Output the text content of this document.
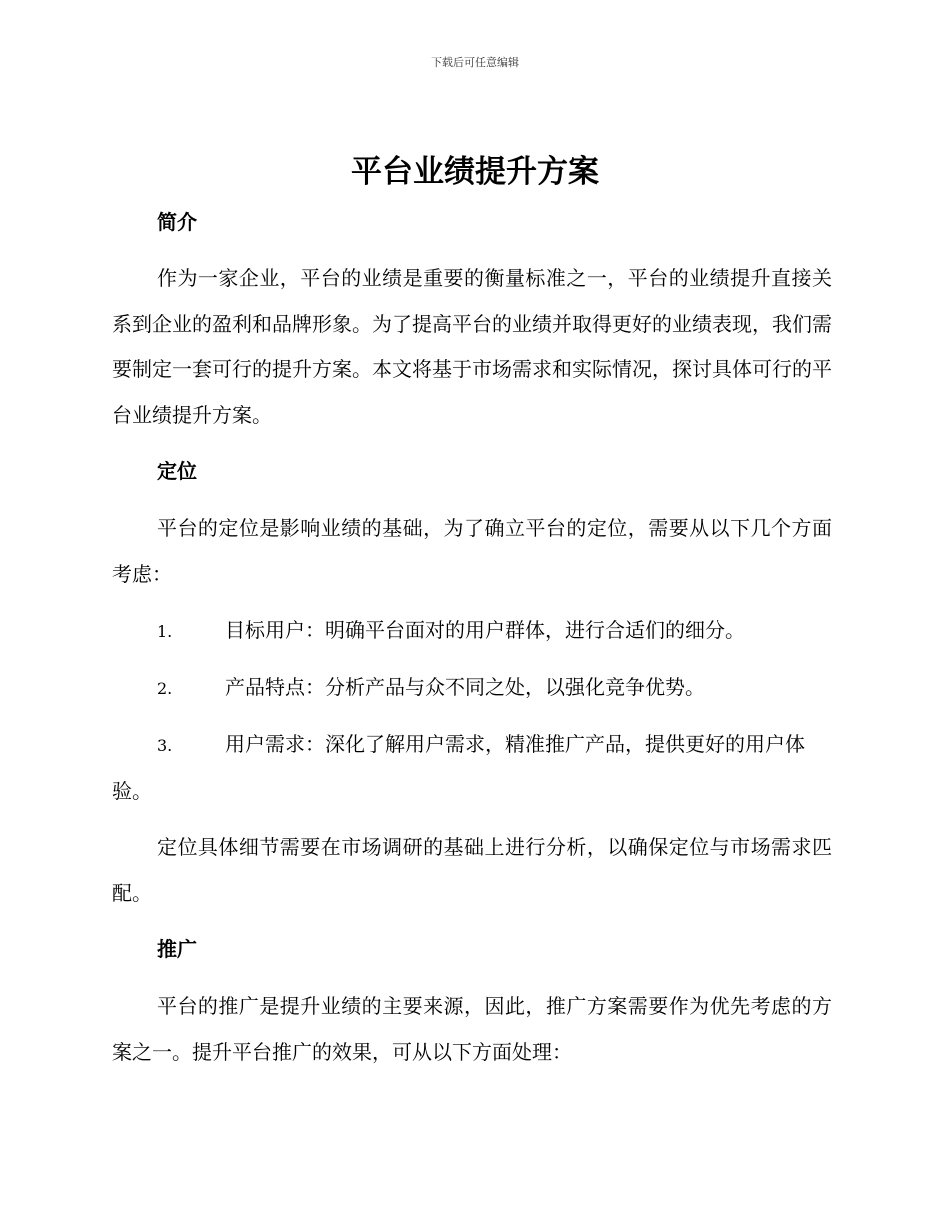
下载后可任意编辑
平台业绩提升方案
简介

作为一家企业，平台的业绩是重要的衡量标准之一，平台的业绩提升直接关系到企业的盈利和品牌形象。为了提高平台的业绩并取得更好的业绩表现，我们需要制定一套可行的提升方案。本文将基于市场需求和实际情况，探讨具体可行的平台业绩提升方案。

定位

平台的定位是影响业绩的基础，为了确立平台的定位，需要从以下几个方面考虑：

1.	目标用户：明确平台面对的用户群体，进行合适们的细分。

2.	产品特点：分析产品与众不同之处，以强化竞争优势。

3.	用户需求：深化了解用户需求，精准推广产品，提供更好的用户体验。

定位具体细节需要在市场调研的基础上进行分析，以确保定位与市场需求匹配。

推广

平台的推广是提升业绩的主要来源，因此，推广方案需要作为优先考虑的方案之一。提升平台推广的效果，可从以下方面处理：
